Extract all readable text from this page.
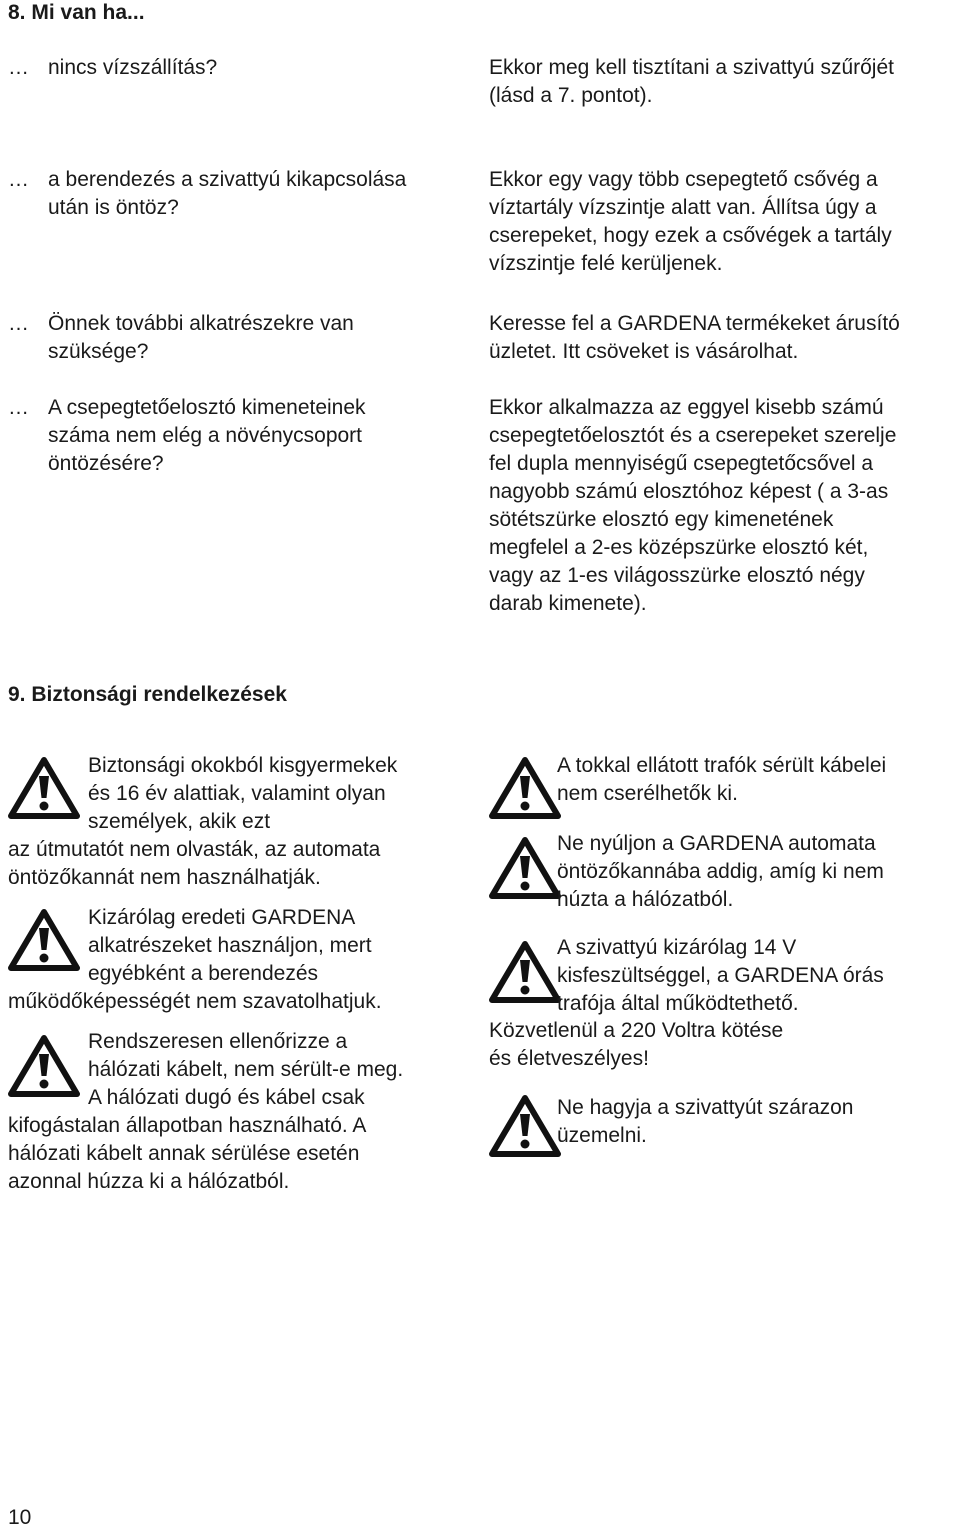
8. Mi van ha...
… nincs vízszállítás?	Ekkor meg kell tisztítani a szivattyú szűrőjét
(lásd a 7. pontot).
… a berendezés a szivattyú kikapcsolása
után is öntöz?
Ekkor egy vagy több csepegtető csővég a
víztartály vízszintje alatt van. Állítsa úgy a
cserepeket, hogy ezek a csővégek a tartály
vízszintje felé kerüljenek.
… Önnek további alkatrészekre van
szüksége?
Keresse fel a GARDENA termékeket árusító
üzletet. Itt csöveket is vásárolhat.
… A csepegtetőelosztó kimeneteinek
száma nem elég a növénycsoport
öntözésére?
Ekkor alkalmazza az eggyel kisebb számú
csepegtetőelosztót és a cserepeket szerelje
fel dupla mennyiségű csepegtetőcsővel a
nagyobb számú elosztóhoz képest ( a 3-as
sötétszürke elosztó egy kimenetének
megfelel a 2-es középszürke elosztó két,
vagy az 1-es világosszürke elosztó négy
darab kimenete).
9. Biztonsági rendelkezések
Biztonsági okokból kisgyermekek
és 16 év alattiak, valamint olyan
személyek, akik ezt
az útmutatót nem olvasták, az automata
öntözőkannát nem használhatják.
Kizárólag eredeti GARDENA
alkatrészeket használjon, mert
egyébként a berendezés
működőképességét nem szavatolhatjuk.
Rendszeresen ellenőrizze a
hálózati kábelt, nem sérült-e meg.
A hálózati dugó és kábel csak
kifogástalan állapotban használható. A
hálózati kábelt annak sérülése esetén
azonnal húzza ki a hálózatból.
A tokkal ellátott trafók sérült kábelei
nem cserélhetők ki.
Ne nyúljon a GARDENA automata
öntözőkannába addig, amíg ki nem
húzta a hálózatból.
A szivattyú kizárólag 14 V
kisfeszültséggel, a GARDENA órás
trafója által működtethető.
Közvetlenül a 220 Voltra kötése
és életveszélyes!
Ne hagyja a szivattyút szárazon
üzemelni.
10
